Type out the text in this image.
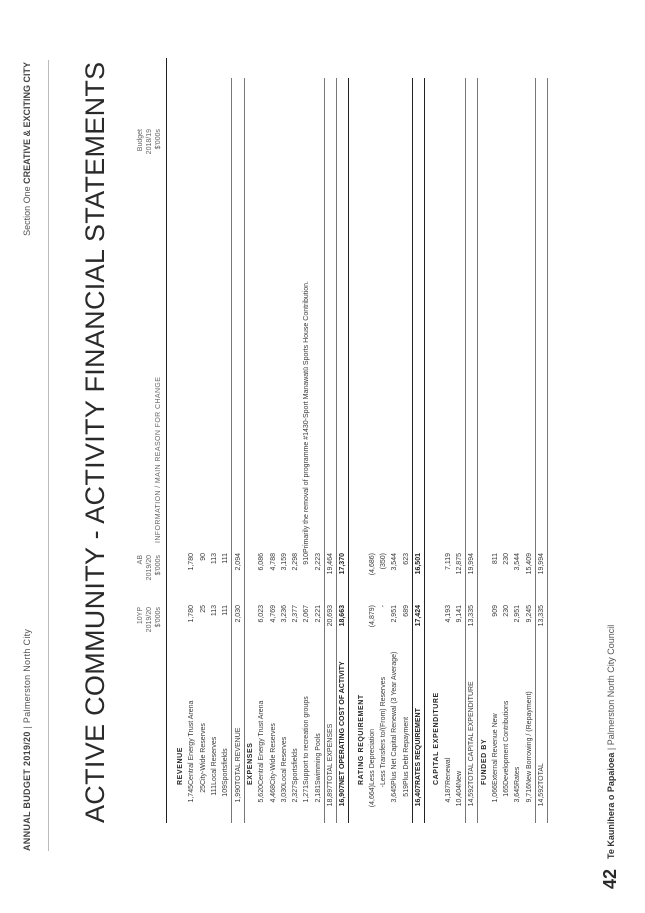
ANNUAL BUDGET 2019/20 | Palmerston North City
Section One CREATIVE & EXCITING CITY ACTIVE COMMUNITY - ACTIVITY FINANCIAL STATEMENTS	Budget 2018/19 $'000s
10YP 2019/20 $'000s
AB 2019/20 $'000s
INFORMATION / MAIN REASON FOR CHANGE
	REVENUE			
1,745	Central Energy Trust Arena	1,780	1,780	
25	City-Wide Reserves	25	90	
111	Local Reserves	113	113	
109	Sportsfields	111	111	
1,990	TOTAL REVENUE	2,030	2,094	
	EXPENSES			
5,620	Central Energy Trust Arena	6,023	6,086	
4,468	City-Wide Reserves	4,769	4,788	
3,030	Local Reserves	3,236	3,159	
2,327	Sportsfields	2,377	2,298	
1,271	Support to recreation groups	2,067	910	Primarily the removal of programme #1430-Sport Manawatū Sports House Contribution.
2,181	Swimming Pools	2,221	2,223	
18,897	TOTAL EXPENSES	20,693	19,464	
16,907	NET OPERATING COST OF ACTIVITY	18,663	17,370	

	RATING REQUIREMENT			
(4,664)	Less Depreciation	(4,879)	(4,686)	
-	Less Transfers to/(From) Reserves	-	(350)	
3,645	Plus Net Capital Renewal (3 Year Average)	2,951	3,544	
519	Plus Debt Repayment	689	623	
16,407	RATES REQUIREMENT	17,424	16,501	

	CAPITAL EXPENDITURE			
4,187	Renewal	4,193	7,119	
10,404	New	9,141	12,875	
14,592	TOTAL CAPITAL EXPENDITURE	13,335	19,994	
	FUNDED BY			
1,066	External Revenue New	909	811	
165	Development Contributions	230	230	
3,645	Rates	2,951	3,544	
9,716	New Borrowing / (Repayment)	9,245	15,409	
14,592	TOTAL	13,335	19,994	
42Te Kaunihera o Papaioea | Palmerston North City Council
